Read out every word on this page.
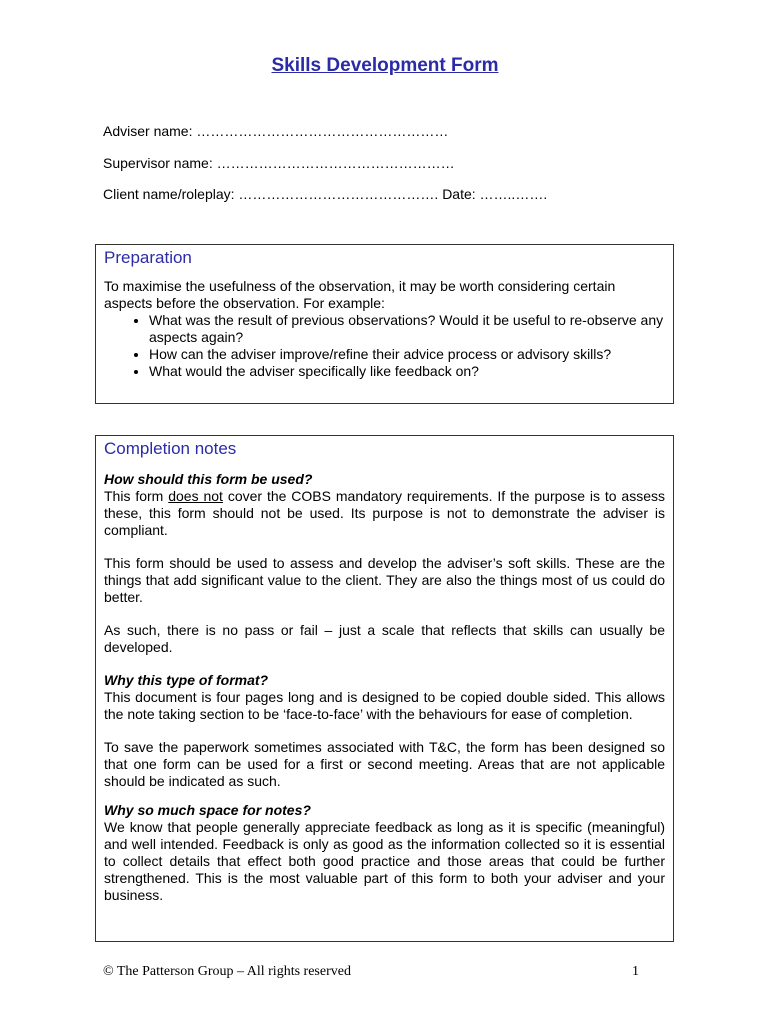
Skills Development Form
Adviser name: ………………………………………………
Supervisor name: ……………………………………………
Client name/roleplay: ……………………………………. Date: ……..…….
Preparation

To maximise the usefulness of the observation, it may be worth considering certain aspects before the observation. For example:

• What was the result of previous observations? Would it be useful to re-observe any aspects again?
• How can the adviser improve/refine their advice process or advisory skills?
• What would the adviser specifically like feedback on?
Completion notes

How should this form be used?

This form does not cover the COBS mandatory requirements. If the purpose is to assess these, this form should not be used. Its purpose is not to demonstrate the adviser is compliant.

This form should be used to assess and develop the adviser’s soft skills. These are the things that add significant value to the client. They are also the things most of us could do better.

As such, there is no pass or fail – just a scale that reflects that skills can usually be developed.

Why this type of format?

This document is four pages long and is designed to be copied double sided. This allows the note taking section to be ‘face-to-face’ with the behaviours for ease of completion.

To save the paperwork sometimes associated with T&C, the form has been designed so that one form can be used for a first or second meeting. Areas that are not applicable should be indicated as such.

Why so much space for notes?

We know that people generally appreciate feedback as long as it is specific (meaningful) and well intended. Feedback is only as good as the information collected so it is essential to collect details that effect both good practice and those areas that could be further strengthened. This is the most valuable part of this form to both your adviser and your business.

© The Patterson Group – All rights reserved	1
